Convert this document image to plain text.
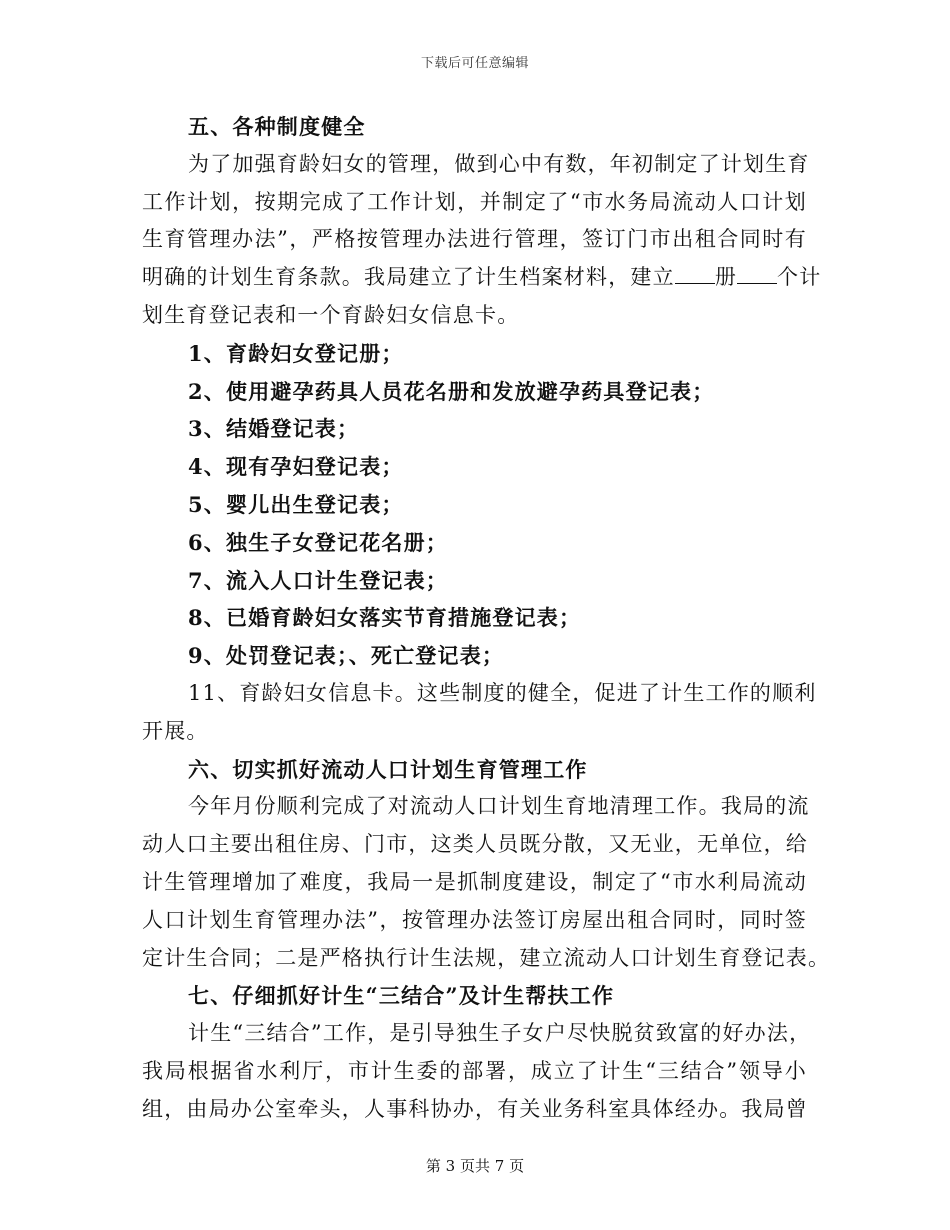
下载后可任意编辑
五、各种制度健全
为了加强育龄妇女的管理，做到心中有数，年初制定了计划生育
工作计划，按期完成了工作计划，并制定了“市水务局流动人口计划
生育管理办法”，严格按管理办法进行管理，签订门市出租合同时有
明确的计划生育条款。我局建立了计生档案材料，建立 册 个计
划生育登记表和一个育龄妇女信息卡。
1、育龄妇女登记册；
2、使用避孕药具人员花名册和发放避孕药具登记表；
3、结婚登记表；
4、现有孕妇登记表；
5、婴儿出生登记表；
6、独生子女登记花名册；
7、流入人口计生登记表；
8、已婚育龄妇女落实节育措施登记表；
9、处罚登记表；、死亡登记表；
11、育龄妇女信息卡。这些制度的健全，促进了计生工作的顺利
开展。
六、切实抓好流动人口计划生育管理工作
今年月份顺利完成了对流动人口计划生育地清理工作。我局的流
动人口主要出租住房、门市，这类人员既分散，又无业，无单位，给
计生管理增加了难度，我局一是抓制度建设，制定了“市水利局流动
人口计划生育管理办法”，按管理办法签订房屋出租合同时，同时签
定计生合同；二是严格执行计生法规，建立流动人口计划生育登记表。
七、仔细抓好计生“三结合”及计生帮扶工作
计生“三结合”工作，是引导独生子女户尽快脱贫致富的好办法，
我局根据省水利厅，市计生委的部署，成立了计生“三结合”领导小
组，由局办公室牵头，人事科协办，有关业务科室具体经办。我局曾
第 3 页共 7 页
